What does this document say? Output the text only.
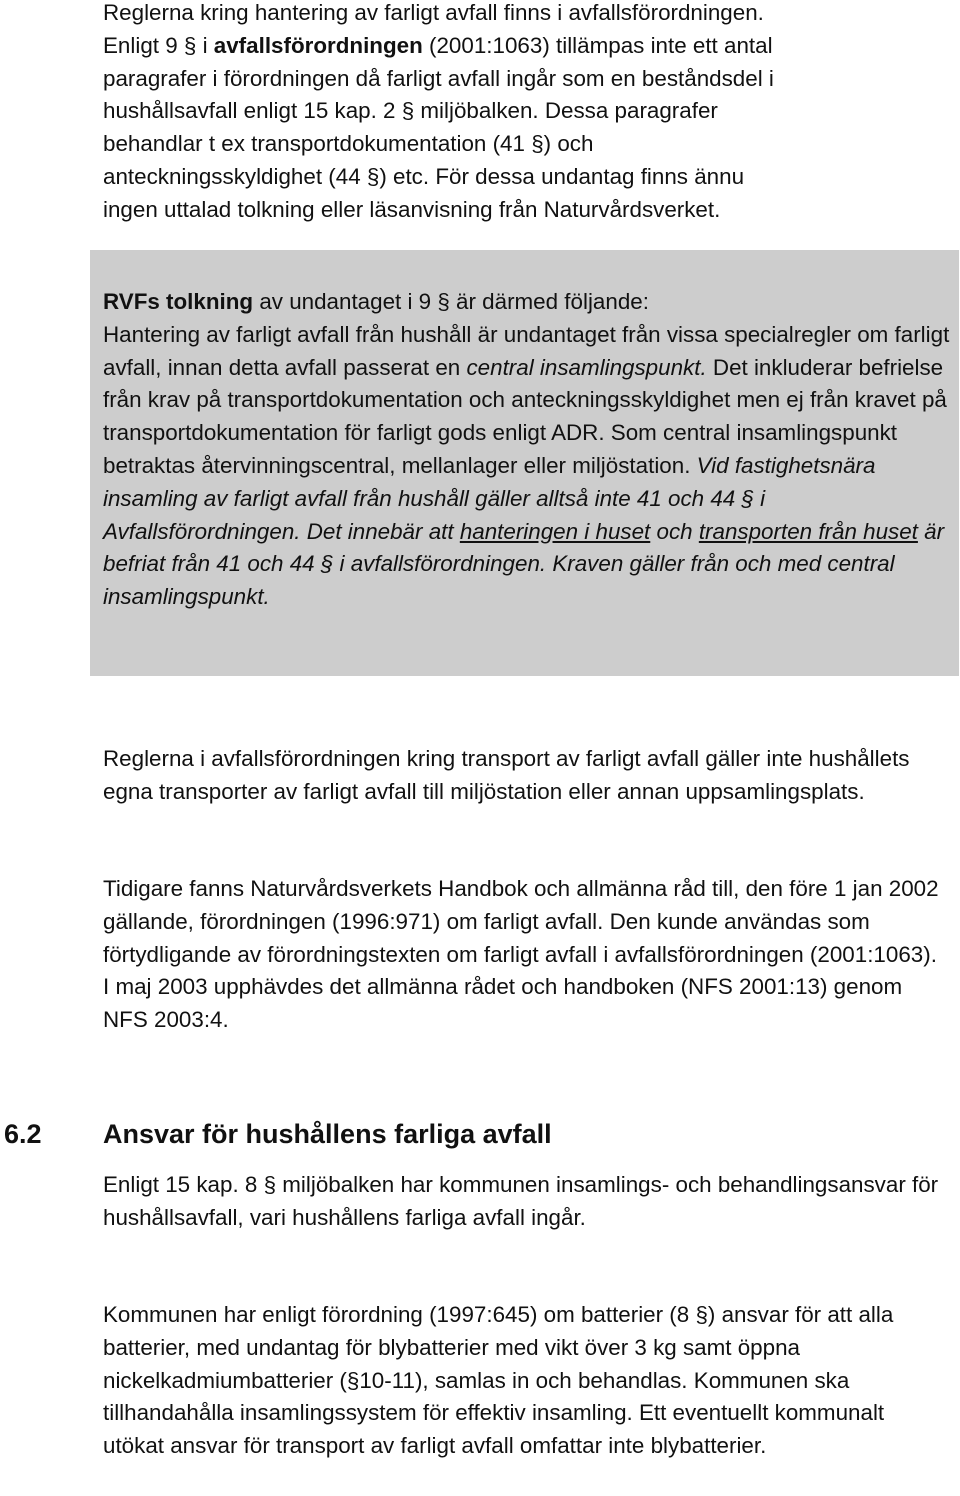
Reglerna kring hantering av farligt avfall finns i avfallsförordningen.
Enligt 9 § i avfallsförordningen (2001:1063) tillämpas inte ett antal
paragrafer i förordningen då farligt avfall ingår som en beståndsdel i
hushållsavfall enligt 15 kap. 2 § miljöbalken. Dessa paragrafer
behandlar t ex transportdokumentation (41 §) och
anteckningsskyldighet (44 §) etc. För dessa undantag finns ännu
ingen uttalad tolkning eller läsanvisning från Naturvårdsverket.
RVFs tolkning av undantaget i 9 § är därmed följande:
Hantering av farligt avfall från hushåll är undantaget från vissa specialregler om farligt avfall, innan detta avfall passerat en central insamlingspunkt. Det inkluderar befrielse från krav på transportdokumentation och anteckningsskyldighet men ej från kravet på transportdokumentation för farligt gods enligt ADR. Som central insamlingspunkt betraktas återvinningscentral, mellanlager eller miljöstation. Vid fastighetsnära insamling av farligt avfall från hushåll gäller alltså inte 41 och 44 § i Avfallsförordningen. Det innebär att hanteringen i huset och transporten från huset är befriat från 41 och 44 § i avfallsförordningen. Kraven gäller från och med central insamlingspunkt.

Reglerna i avfallsförordningen kring transport av farligt avfall gäller inte hushållets egna transporter av farligt avfall till miljöstation eller annan uppsamlingsplats.

Tidigare fanns Naturvårdsverkets Handbok och allmänna råd till, den före 1 jan 2002 gällande, förordningen (1996:971) om farligt avfall. Den kunde användas som förtydligande av förordningstexten om farligt avfall i avfallsförordningen (2001:1063). I maj 2003 upphävdes det allmänna rådet och handboken (NFS 2001:13) genom NFS 2003:4.

6.2 Ansvar för hushållens farliga avfall

Enligt 15 kap. 8 § miljöbalken har kommunen insamlings- och behandlingsansvar för hushållsavfall, vari hushållens farliga avfall ingår.

Kommunen har enligt förordning (1997:645) om batterier (8 §) ansvar för att alla batterier, med undantag för blybatterier med vikt över 3 kg samt öppna nickelkadmiumbatterier (§10-11), samlas in och behandlas. Kommunen ska tillhandahålla insamlingssystem för effektiv insamling. Ett eventuellt kommunalt utökat ansvar för transport av farligt avfall omfattar inte blybatterier.
